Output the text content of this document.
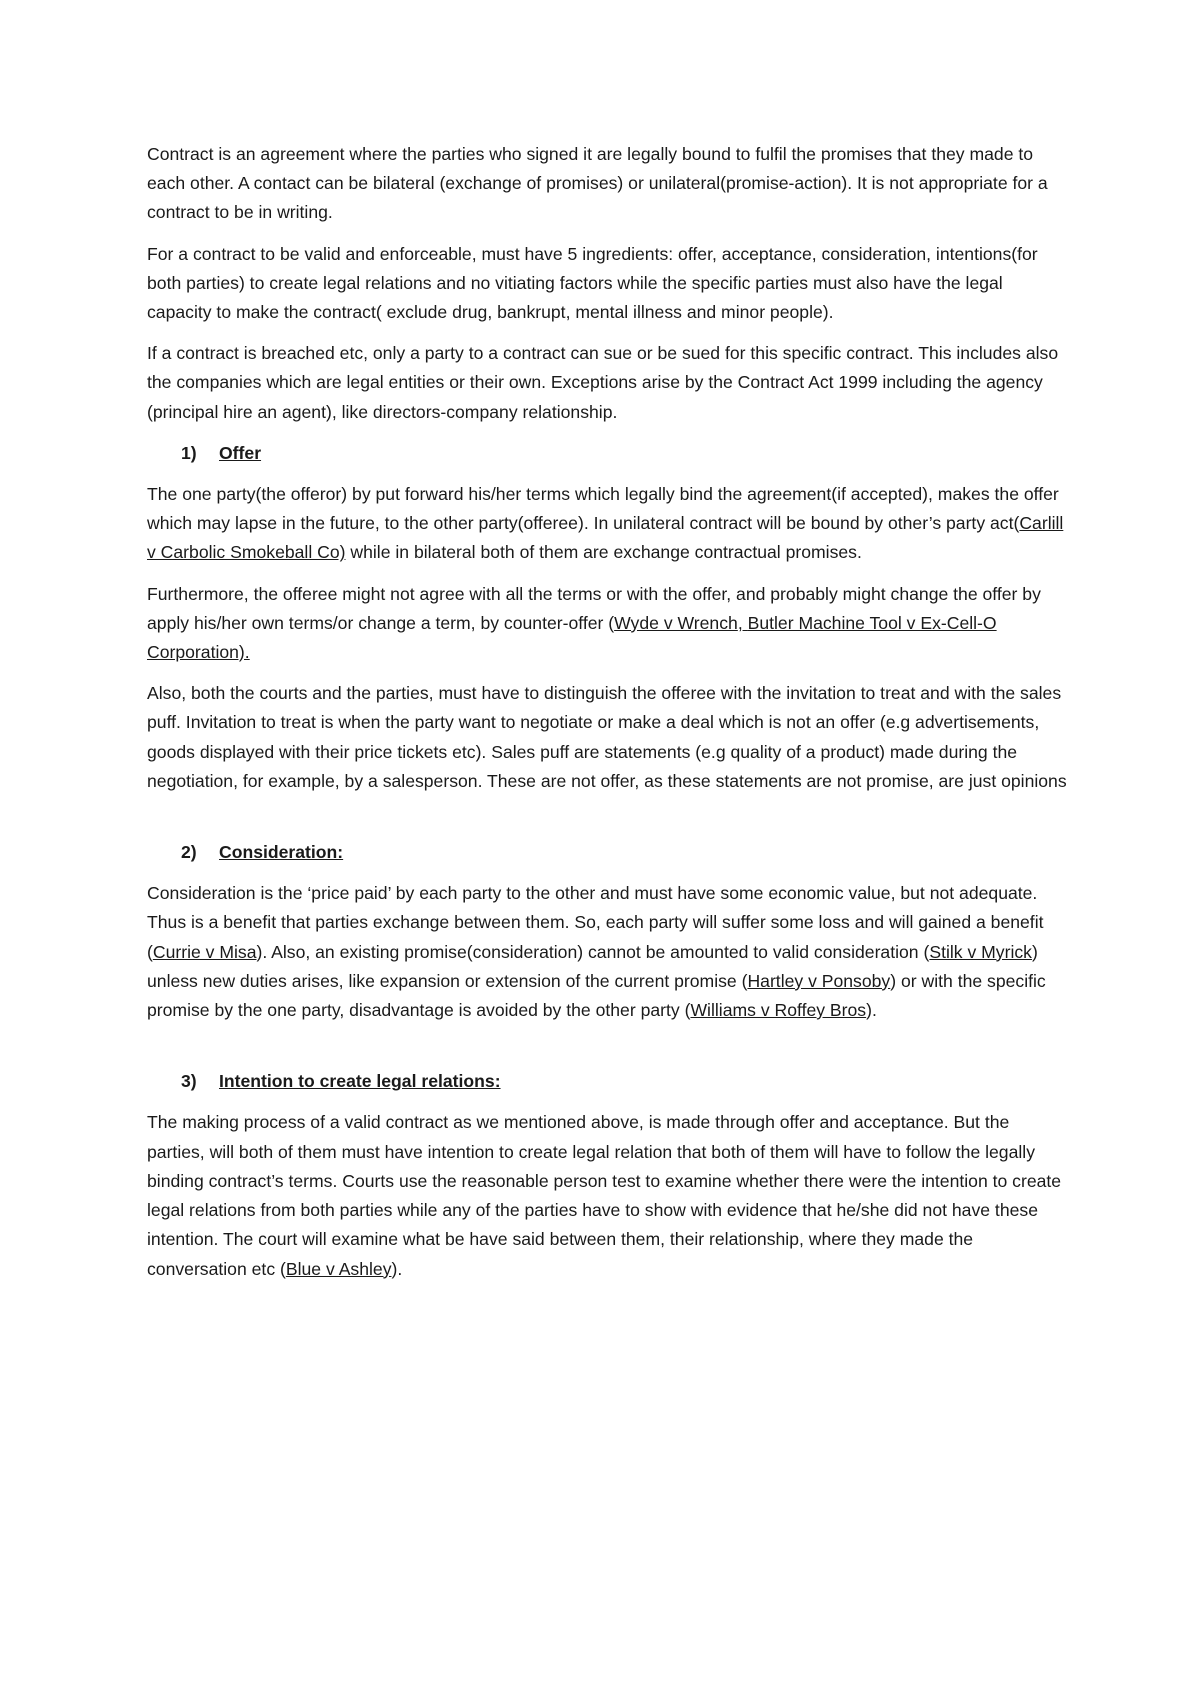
Contract is an agreement where the parties who signed it are legally bound to fulfil the promises that they made to each other. A contact can be bilateral (exchange of promises) or unilateral(promise-action). It is not appropriate for a contract to be in writing.

For a contract to be valid and enforceable, must have 5 ingredients: offer, acceptance, consideration, intentions(for both parties) to create legal relations and no vitiating factors while the specific parties must also have the legal capacity to make the contract( exclude drug, bankrupt, mental illness and minor people).

If a contract is breached etc, only a party to a contract can sue or be sued for this specific contract. This includes also the companies which are legal entities or their own. Exceptions arise by the Contract Act 1999 including the agency (principal hire an agent), like directors-company relationship.

1) Offer

The one party(the offeror) by put forward his/her terms which legally bind the agreement(if accepted), makes the offer which may lapse in the future, to the other party(offeree). In unilateral contract will be bound by other’s party act(Carlill v Carbolic Smokeball Co) while in bilateral both of them are exchange contractual promises.

Furthermore, the offeree might not agree with all the terms or with the offer, and probably might change the offer by apply his/her own terms/or change a term, by counter-offer (Wyde v Wrench, Butler Machine Tool v Ex-Cell-O Corporation).

Also, both the courts and the parties, must have to distinguish the offeree with the invitation to treat and with the sales puff. Invitation to treat is when the party want to negotiate or make a deal which is not an offer (e.g advertisements, goods displayed with their price tickets etc). Sales puff are statements (e.g quality of a product) made during the negotiation, for example, by a salesperson. These are not offer, as these statements are not promise, are just opinions

2) Consideration:

Consideration is the ‘price paid’ by each party to the other and must have some economic value, but not adequate. Thus is a benefit that parties exchange between them. So, each party will suffer some loss and will gained a benefit (Currie v Misa). Also, an existing promise(consideration) cannot be amounted to valid consideration (Stilk v Myrick) unless new duties arises, like expansion or extension of the current promise (Hartley v Ponsoby) or with the specific promise by the one party, disadvantage is avoided by the other party (Williams v Roffey Bros).

3) Intention to create legal relations:

The making process of a valid contract as we mentioned above, is made through offer and acceptance. But the parties, will both of them must have intention to create legal relation that both of them will have to follow the legally binding contract’s terms. Courts use the reasonable person test to examine whether there were the intention to create legal relations from both parties while any of the parties have to show with evidence that he/she did not have these intention. The court will examine what be have said between them, their relationship, where they made the conversation etc (Blue v Ashley).
